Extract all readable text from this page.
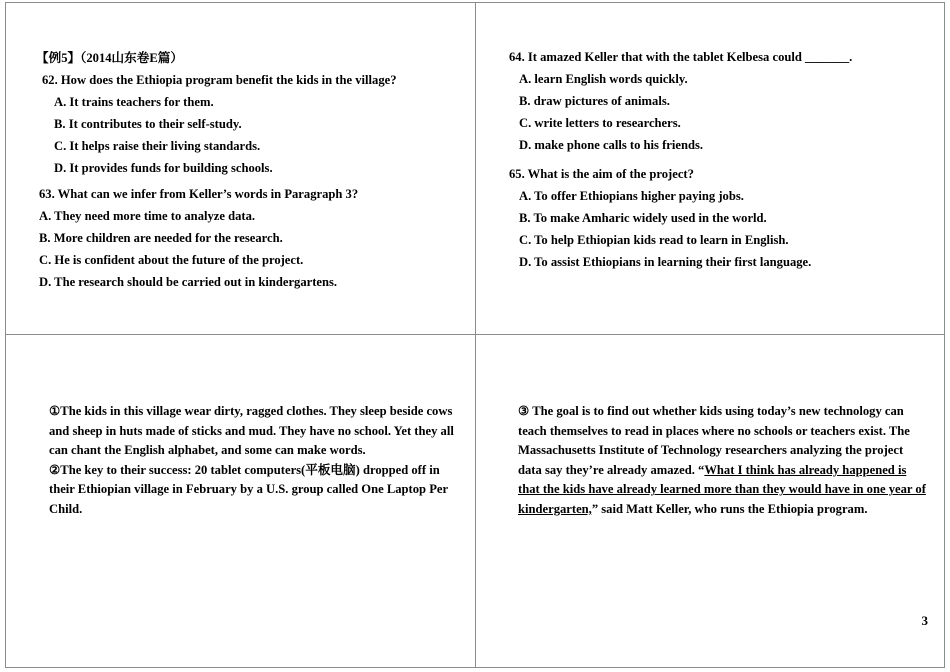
【例5】（2014山东卷E篇）
62. How does the Ethiopia program benefit the kids in the village?
A. It trains teachers for them.
B. It contributes to their self-study.
C. It helps raise their living standards.
D. It provides funds for building schools.
63. What can we infer from Keller’s words in Paragraph 3?
A. They need more time to analyze data.
B. More children are needed for the research.
C. He is confident about the future of the project.
D. The research should be carried out in kindergartens.
64. It amazed Keller that with the tablet Kelbesa could _______.
A. learn English words quickly.
B. draw pictures of animals.
C. write letters to researchers.
D. make phone calls to his friends.
65. What is the aim of the project?
A. To offer Ethiopians higher paying jobs.
B. To make Amharic widely used in the world.
C. To help Ethiopian kids read to learn in English.
D. To assist Ethiopians in learning their first language.

①The kids in this village wear dirty, ragged clothes. They sleep beside cows and sheep in huts made of sticks and mud. They have no school. Yet they all can chant the English alphabet, and some can make words.

②The key to their success: 20 tablet computers(平板电脑) dropped off in their Ethiopian village in February by a U.S. group called One Laptop Per Child.

③ The goal is to find out whether kids using today’s new technology can teach themselves to read in places where no schools or teachers exist. The Massachusetts Institute of Technology researchers analyzing the project data say they’re already amazed. “What I think has already happened is that the kids have already learned more than they would have in one year of kindergarten,” said Matt Keller, who runs the Ethiopia program.

3
